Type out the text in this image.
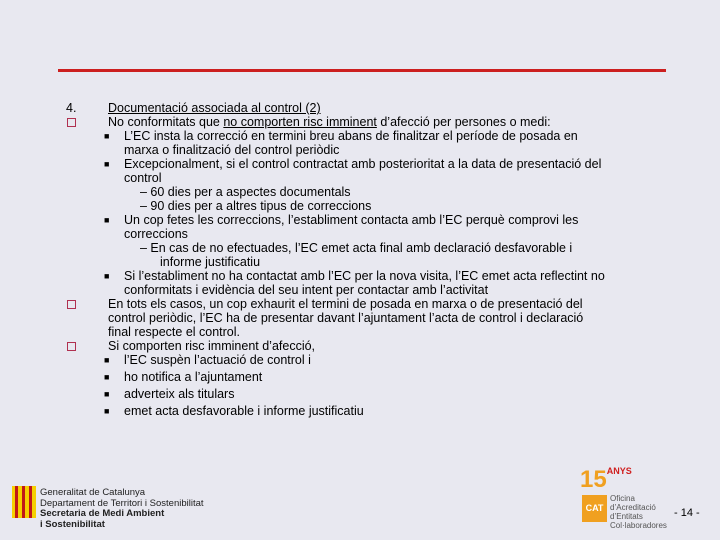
4.	Documentació associada al control (2)
No conformitats que no comporten risc imminent d’afecció per persones o medi:
■ L’EC insta la correcció en termini breu abans de finalitzar el període de posada en
marxa o finalització del control periòdic
■ Excepcionalment, si el control contractat amb posterioritat a la data de presentació del
control
– 60 dies per a aspectes documentals
– 90 dies per a altres tipus de correccions
■ Un cop fetes les correccions, l’establiment contacta amb l’EC perquè comprovi les
correccions
– En cas de no efectuades, l’EC emet acta final amb declaració desfavorable i
informe justificatiu
■ Si l’establiment no ha contactat amb l’EC per la nova visita, l’EC emet acta reflectint no
conformitats i evidència del seu intent per contactar amb l’activitat
En tots els casos, un cop exhaurit el termini de posada en marxa o de presentació del
control periòdic, l’EC ha de presentar davant l’ajuntament l’acta de control i declaració
final respecte el control.
Si comporten risc imminent d’afecció,
■ l’EC suspèn l’actuació de control i
■ ho notifica a l’ajuntament
■ adverteix als titulars
■ emet acta desfavorable i informe justificatiu
Generalitat de Catalunya
Departament de Territori i Sostenibilitat
Secretaria de Medi Ambient
i Sostenibilitat
$15^{ANYS}$
CAT
Oficina
d’Acreditació
d’Entitats
Col·laboradores
- 14 -
